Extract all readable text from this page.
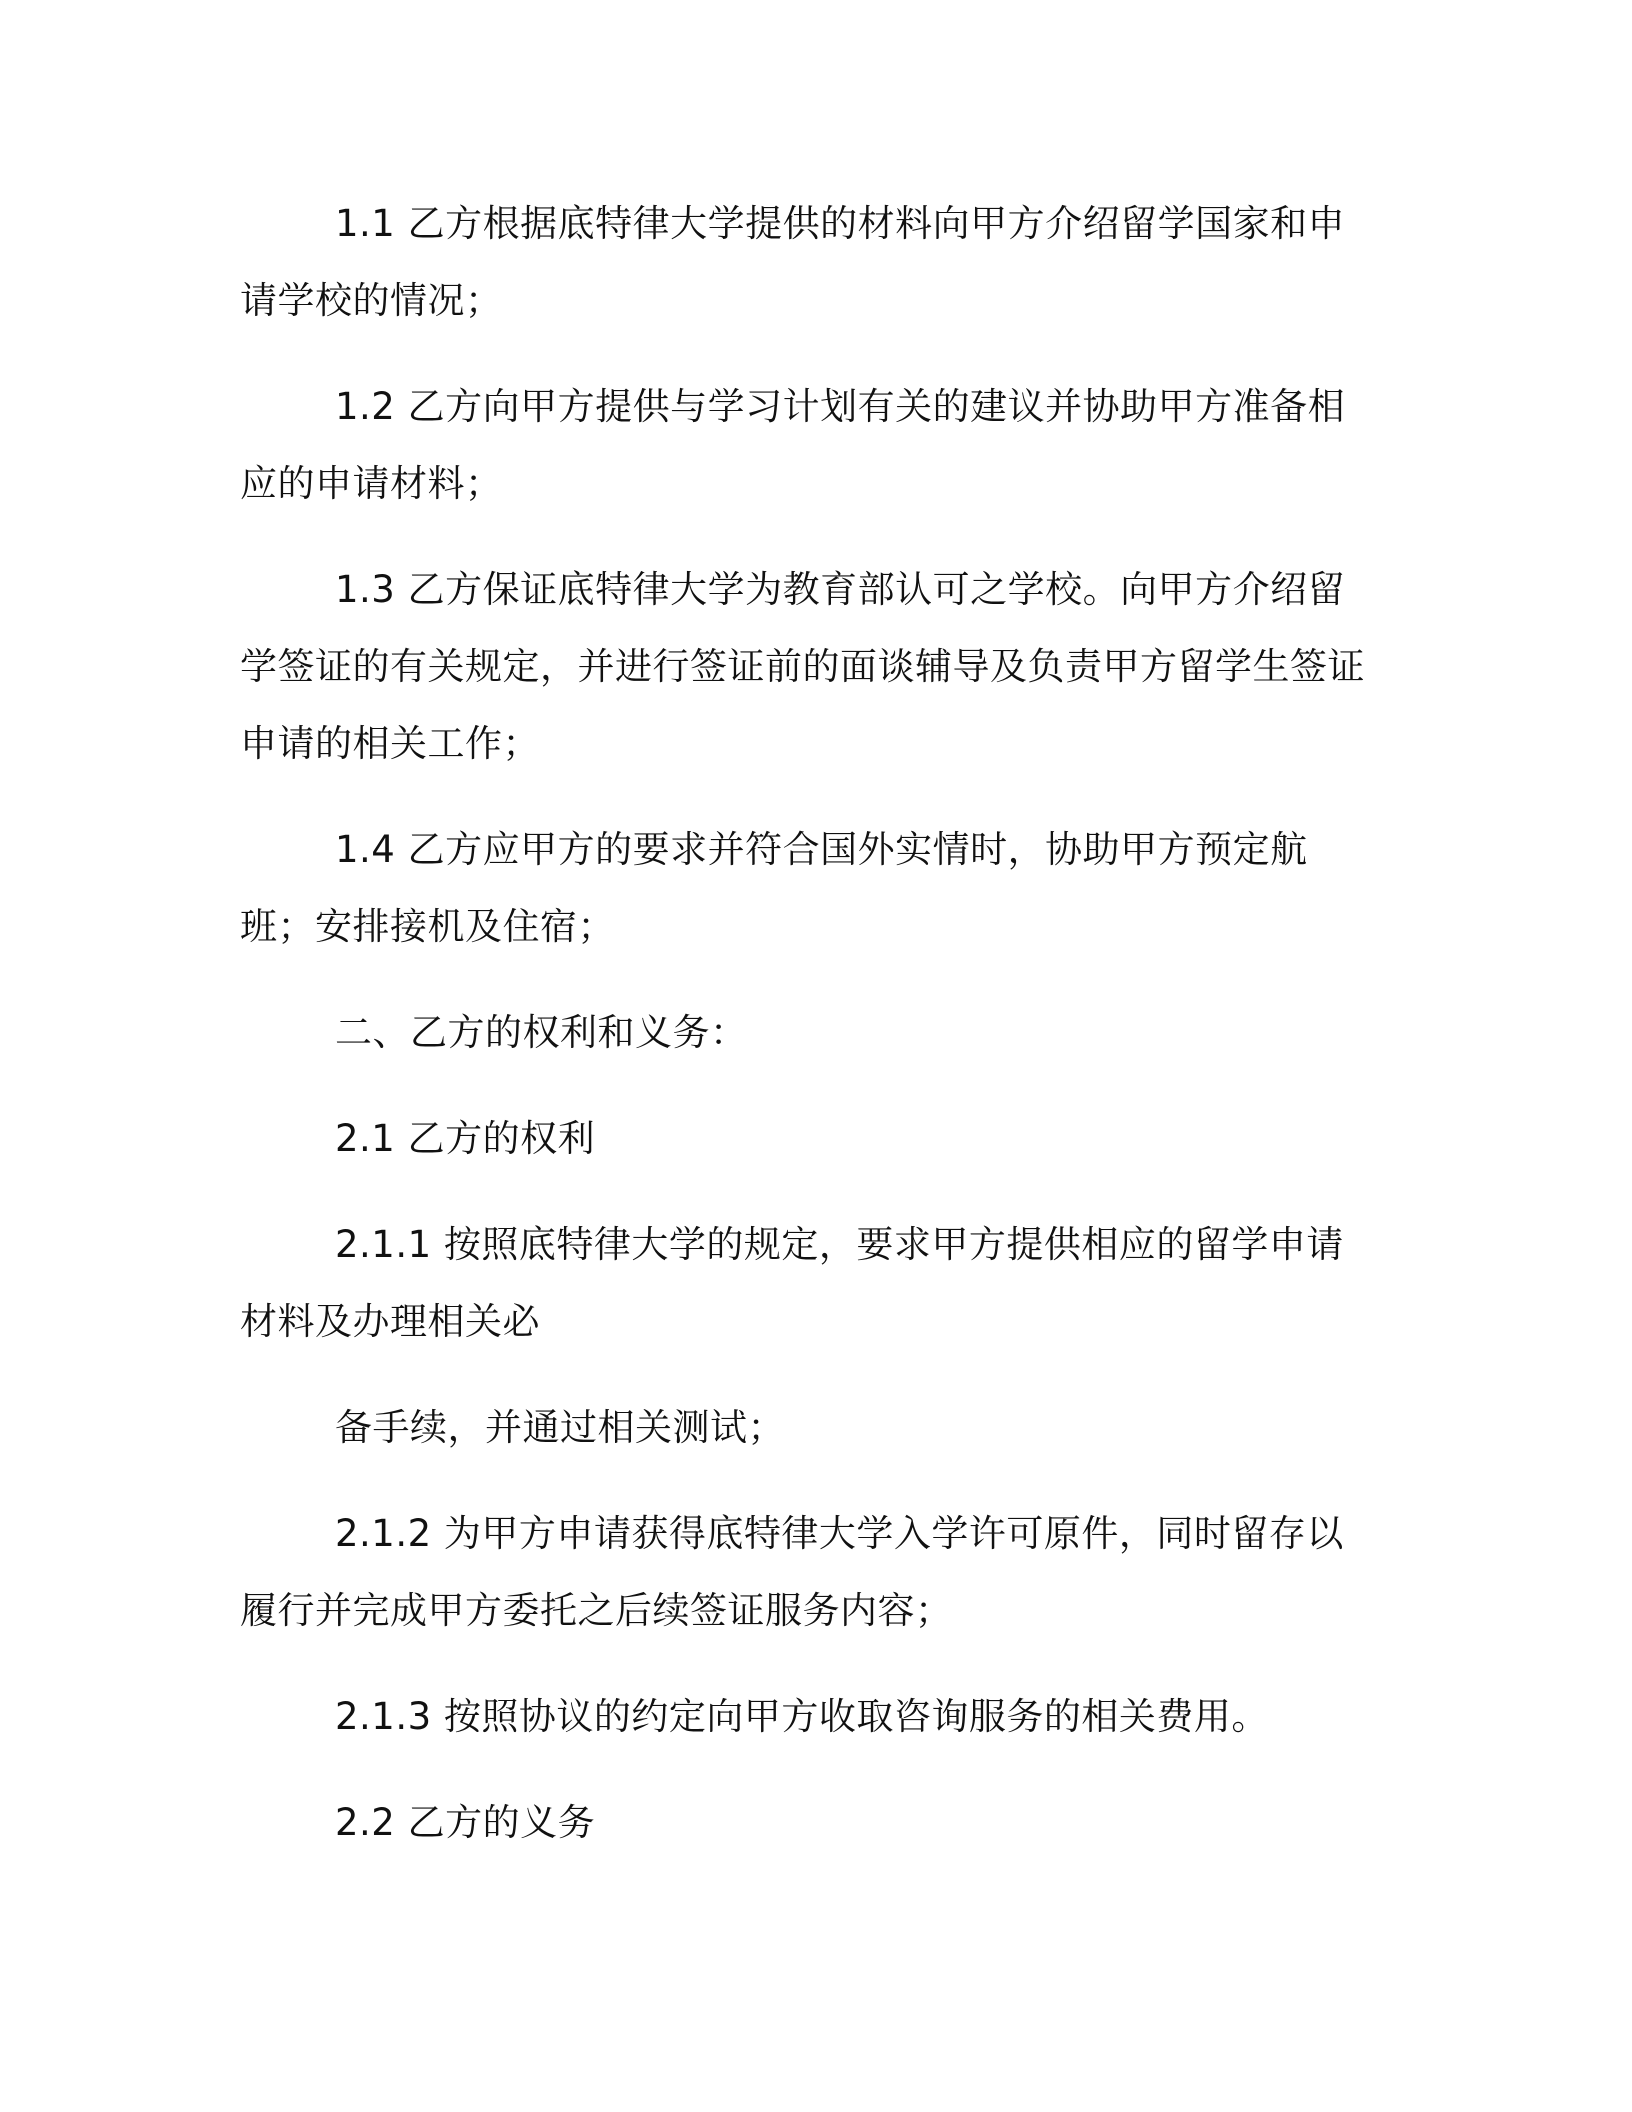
1.1 乙方根据底特律大学提供的材料向甲方介绍留学国家和申请学校的情况；

1.2 乙方向甲方提供与学习计划有关的建议并协助甲方准备相应的申请材料；

1.3 乙方保证底特律大学为教育部认可之学校。向甲方介绍留学签证的有关规定，并进行签证前的面谈辅导及负责甲方留学生签证申请的相关工作；

1.4 乙方应甲方的要求并符合国外实情时，协助甲方预定航班；安排接机及住宿；

二、乙方的权利和义务：

2.1 乙方的权利

2.1.1 按照底特律大学的规定，要求甲方提供相应的留学申请材料及办理相关必

备手续，并通过相关测试；

2.1.2 为甲方申请获得底特律大学入学许可原件，同时留存以履行并完成甲方委托之后续签证服务内容；

2.1.3 按照协议的约定向甲方收取咨询服务的相关费用。

2.2 乙方的义务
